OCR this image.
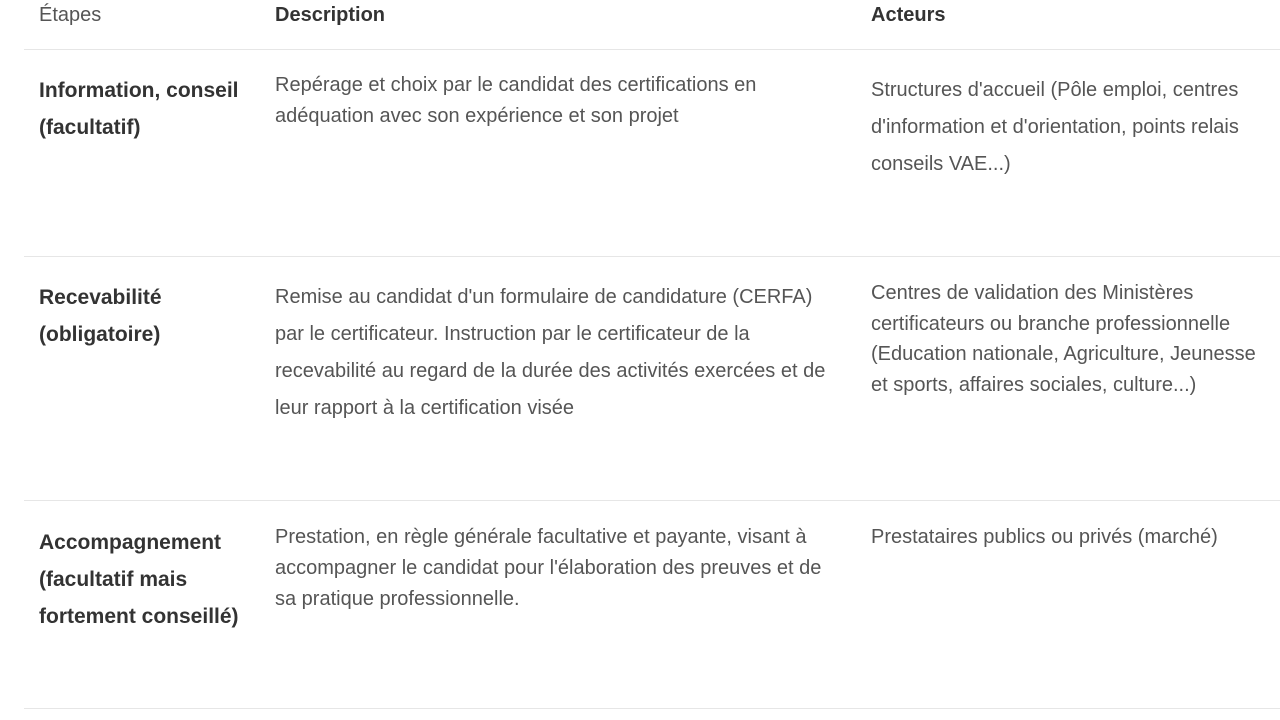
Étapes	Description	Acteurs
Information, conseil (facultatif)
Repérage et choix par le candidat des certifications en adéquation avec son expérience et son projet
Structures d'accueil (Pôle emploi, centres d'information et d'orientation, points relais conseils VAE...)
Recevabilité (obligatoire)
Remise au candidat d'un formulaire de candidature (CERFA) par le certificateur. Instruction par le certificateur de la recevabilité au regard de la durée des activités exercées et de leur rapport à la certification visée
Centres de validation des Ministères certificateurs ou branche professionnelle (Education nationale, Agriculture, Jeunesse et sports, affaires sociales, culture...)
Accompagnement (facultatif mais fortement conseillé)
Prestation, en règle générale facultative et payante, visant à accompagner le candidat pour l'élaboration des preuves et de sa pratique professionnelle.
Prestataires publics ou privés (marché)
